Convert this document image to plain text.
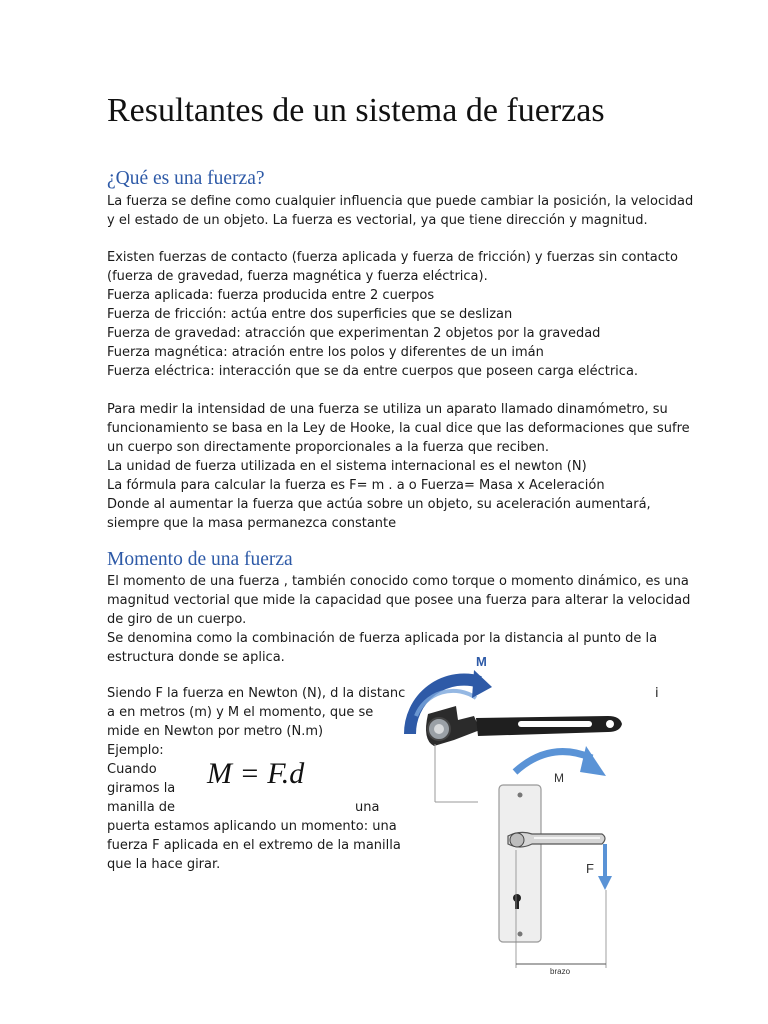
Resultantes de un sistema de fuerzas
¿Qué es una fuerza?

La fuerza se define como cualquier influencia que puede cambiar la posición, la velocidad

y el estado de un objeto. La fuerza es vectorial, ya que tiene dirección y magnitud.

Existen fuerzas de contacto (fuerza aplicada y fuerza de fricción) y fuerzas sin contacto

(fuerza de gravedad, fuerza magnética y fuerza eléctrica).

Fuerza aplicada: fuerza producida entre 2 cuerpos

Fuerza de fricción: actúa entre dos superficies que se deslizan

Fuerza de gravedad: atracción que experimentan 2 objetos por la gravedad

Fuerza magnética: atración entre los polos y diferentes de un imán

Fuerza eléctrica: interacción que se da entre cuerpos que poseen carga eléctrica.

Para medir la intensidad de una fuerza se utiliza un aparato llamado dinamómetro, su

funcionamiento se basa en la Ley de Hooke, la cual dice que las deformaciones que sufre

un cuerpo son directamente proporcionales a la fuerza que reciben.

La unidad de fuerza utilizada en el sistema internacional es el newton (N)

La fórmula para calcular la fuerza es F= m . a o Fuerza= Masa x Aceleración

Donde al aumentar la fuerza que actúa sobre un objeto, su aceleración aumentará,

siempre que la masa permanezca constante

Momento de una fuerza

El momento de una fuerza , también conocido como torque o momento dinámico, es una

magnitud vectorial que mide la capacidad que posee una fuerza para alterar la velocidad

de giro de un cuerpo.

Se denomina como la combinación de fuerza aplicada por la distancia al punto de la

estructura donde se aplica.

Siendo F la fuerza en Newton (N), d la distanc	i

a en metros (m) y M el momento, que se

mide en Newton por metro (N.m)

Ejemplo:

Cuando

giramos la

manilla de	una

puerta estamos aplicando un momento: una

fuerza F aplicada en el extremo de la manilla

que la hace girar.

M = F.d
M
M
F
brazo
